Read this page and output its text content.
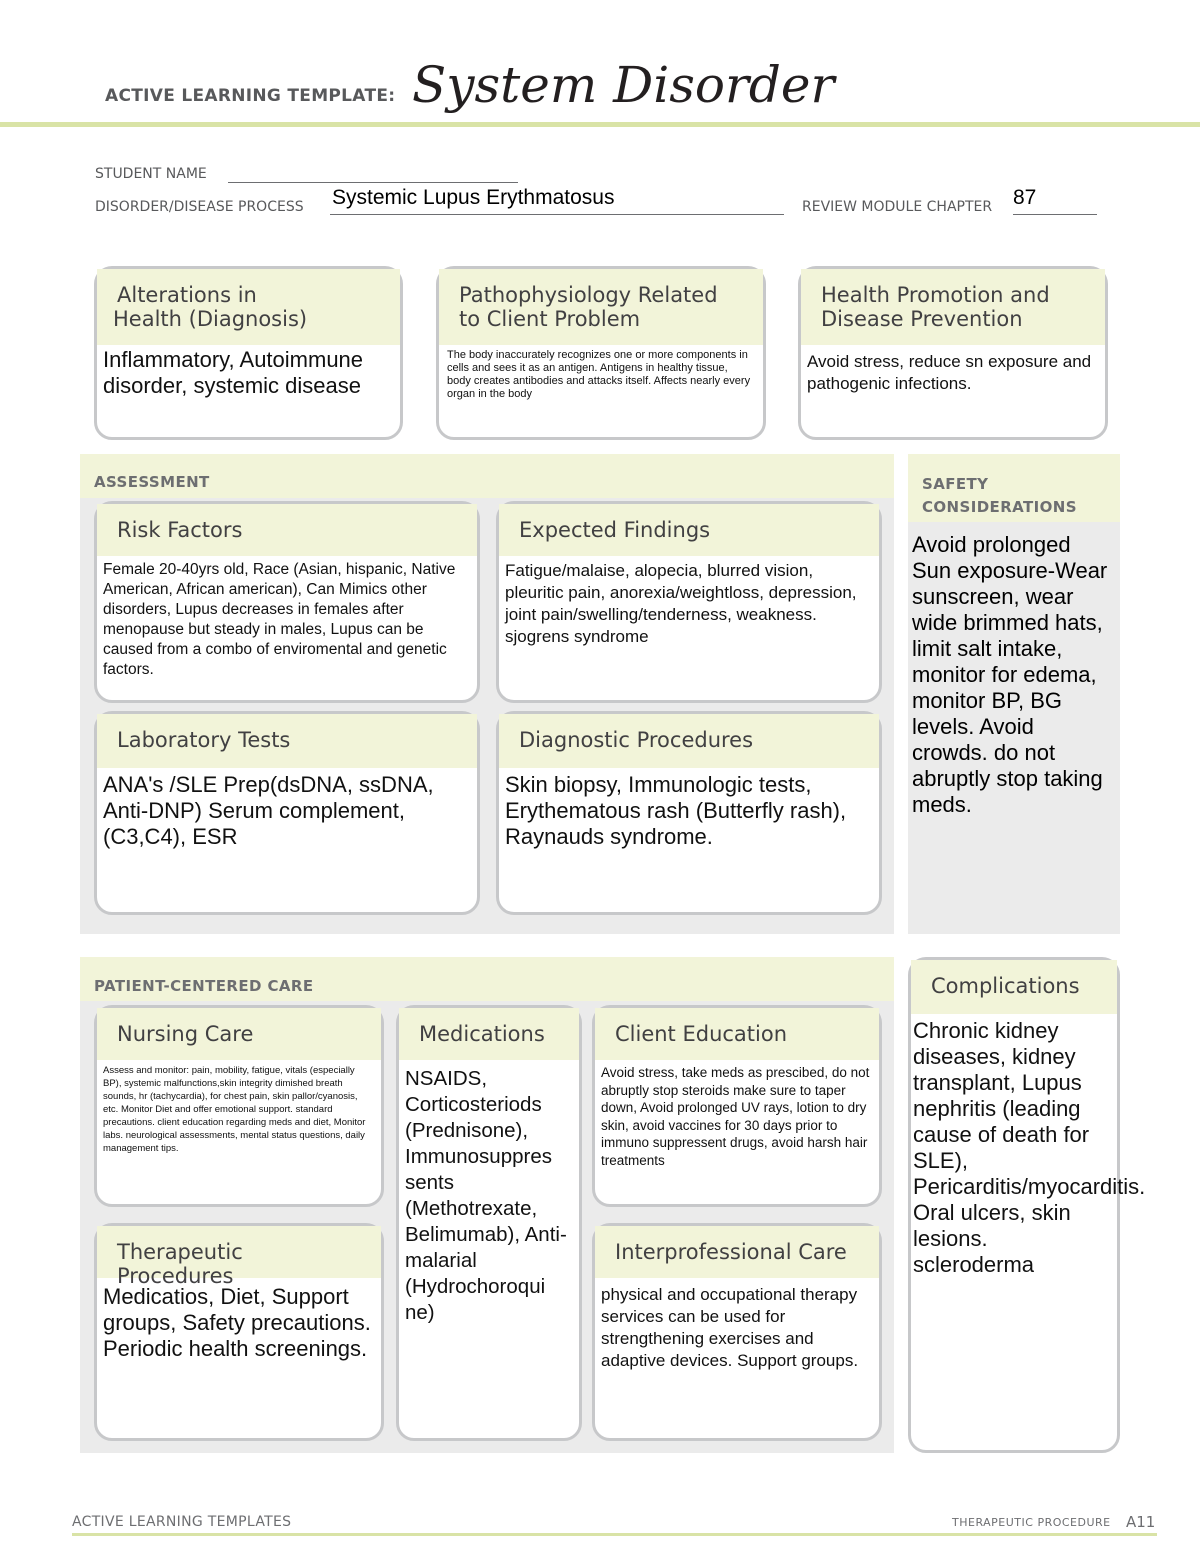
ACTIVE LEARNING TEMPLATE: System Disorder
STUDENT NAME
DISORDER/DISEASE PROCESS Systemic Lupus Erythmatosus	REVIEW MODULE CHAPTER 87
Alterations in
Health (Diagnosis)
Inflammatory, Autoimmune disorder, systemic disease
Pathophysiology Related
to Client Problem
The body inaccurately recognizes one or more components in cells and sees it as an antigen. Antigens in healthy tissue, body creates antibodies and attacks itself. Affects nearly every organ in the body
Health Promotion and
Disease Prevention
Avoid stress, reduce sn exposure and pathogenic infections.
ASSESSMENT
Risk Factors
Female 20-40yrs old, Race (Asian, hispanic, Native American, African american), Can Mimics other disorders, Lupus decreases in females after menopause but steady in males, Lupus can be caused from a combo of enviromental and genetic factors.
Expected Findings
Fatigue/malaise, alopecia, blurred vision, pleuritic pain, anorexia/weightloss, depression, joint pain/swelling/tenderness, weakness. sjogrens syndrome
Laboratory Tests
ANA's /SLE Prep(dsDNA, ssDNA, Anti-DNP) Serum complement, (C3,C4), ESR
Diagnostic Procedures
Skin biopsy, Immunologic tests, Erythematous rash (Butterfly rash), Raynauds syndrome.
SAFETY
CONSIDERATIONS
Avoid prolonged Sun exposure-Wear sunscreen, wear wide brimmed hats, limit salt intake, monitor for edema, monitor BP, BG levels. Avoid crowds. do not abruptly stop taking meds.
PATIENT-CENTERED CARE
Nursing Care
Assess and monitor: pain, mobility, fatigue, vitals (especially BP), systemic malfunctions,skin integrity dimished breath sounds, hr (tachycardia), for chest pain, skin pallor/cyanosis, etc. Monitor Diet and offer emotional support. standard precautions. client education regarding meds and diet, Monitor labs. neurological assessments, mental status questions, daily management tips.
Medications
NSAIDS, Corticosteriods (Prednisone), Immunosuppres sents (Methotrexate, Belimumab), Anti-malarial (Hydrochoroqui ne)
Client Education
Avoid stress, take meds as prescibed, do not abruptly stop steroids make sure to taper down, Avoid prolonged UV rays, lotion to dry skin, avoid vaccines for 30 days prior to immuno suppressent drugs, avoid harsh hair treatments
Therapeutic Procedures
Medicatios, Diet, Support groups, Safety precautions. Periodic health screenings.
Interprofessional Care
physical and occupational therapy services can be used for strengthening exercises and adaptive devices. Support groups.
Complications
Chronic kidney diseases, kidney transplant, Lupus nephritis (leading cause of death for SLE), Pericarditis/myocarditis. Oral ulcers, skin lesions. scleroderma
ACTIVE LEARNING TEMPLATES	THERAPEUTIC PROCEDURE A11
